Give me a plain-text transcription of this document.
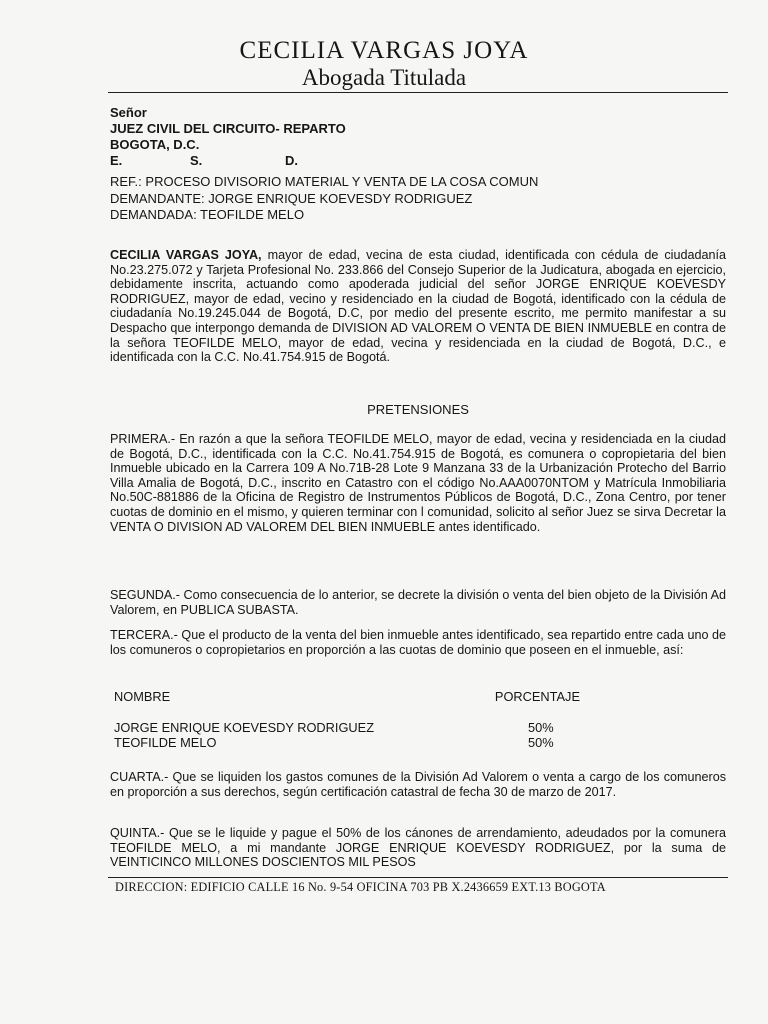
CECILIA VARGAS JOYA
Abogada Titulada
Señor
JUEZ CIVIL DEL CIRCUITO- REPARTO
BOGOTA, D.C.
E.	S.	D.
REF.: PROCESO DIVISORIO MATERIAL Y VENTA DE LA COSA COMUN
DEMANDANTE: JORGE ENRIQUE KOEVESDY RODRIGUEZ
DEMANDADA: TEOFILDE MELO
CECILIA VARGAS JOYA, mayor de edad, vecina de esta ciudad, identificada con cédula de ciudadanía No.23.275.072 y Tarjeta Profesional No. 233.866 del Consejo Superior de la Judicatura, abogada en ejercicio, debidamente inscrita, actuando como apoderada judicial del señor JORGE ENRIQUE KOEVESDY RODRIGUEZ, mayor de edad, vecino y residenciado en la ciudad de Bogotá, identificado con la cédula de ciudadanía No.19.245.044 de Bogotá, D.C, por medio del presente escrito, me permito manifestar a su Despacho que interpongo demanda de DIVISION AD VALOREM O VENTA DE BIEN INMUEBLE en contra de la señora TEOFILDE MELO, mayor de edad, vecina y residenciada en la ciudad de Bogotá, D.C., e identificada con la C.C. No.41.754.915 de Bogotá.
PRETENSIONES
PRIMERA.- En razón a que la señora TEOFILDE MELO, mayor de edad, vecina y residenciada en la ciudad de Bogotá, D.C., identificada con la C.C. No.41.754.915 de Bogotá, es comunera o copropietaria del bien Inmueble ubicado en la Carrera 109 A No.71B-28 Lote 9 Manzana 33 de la Urbanización Protecho del Barrio Villa Amalia de Bogotá, D.C., inscrito en Catastro con el código No.AAA0070NTOM y Matrícula Inmobiliaria No.50C-881886 de la Oficina de Registro de Instrumentos Públicos de Bogotá, D.C., Zona Centro, por tener cuotas de dominio en el mismo, y quieren terminar con l comunidad, solicito al señor Juez se sirva Decretar la VENTA O DIVISION AD VALOREM DEL BIEN INMUEBLE antes identificado.
SEGUNDA.- Como consecuencia de lo anterior, se decrete la división o venta del bien objeto de la División Ad Valorem, en PUBLICA SUBASTA.
TERCERA.- Que el producto de la venta del bien inmueble antes identificado, sea repartido entre cada uno de los comuneros o copropietarios en proporción a las cuotas de dominio que poseen en el inmueble, así:
NOMBRE	PORCENTAJE
JORGE ENRIQUE KOEVESDY RODRIGUEZ	50%
TEOFILDE MELO	50%
CUARTA.- Que se liquiden los gastos comunes de la División Ad Valorem o venta a cargo de los comuneros en proporción a sus derechos, según certificación catastral de fecha 30 de marzo de 2017.
QUINTA.- Que se le liquide y pague el 50% de los cánones de arrendamiento, adeudados por la comunera TEOFILDE MELO, a mi mandante JORGE ENRIQUE KOEVESDY RODRIGUEZ, por la suma de VEINTICINCO MILLONES DOSCIENTOS MIL PESOS
DIRECCION: EDIFICIO CALLE 16 No. 9-54 OFICINA 703 PB X.2436659 EXT.13 BOGOTA
